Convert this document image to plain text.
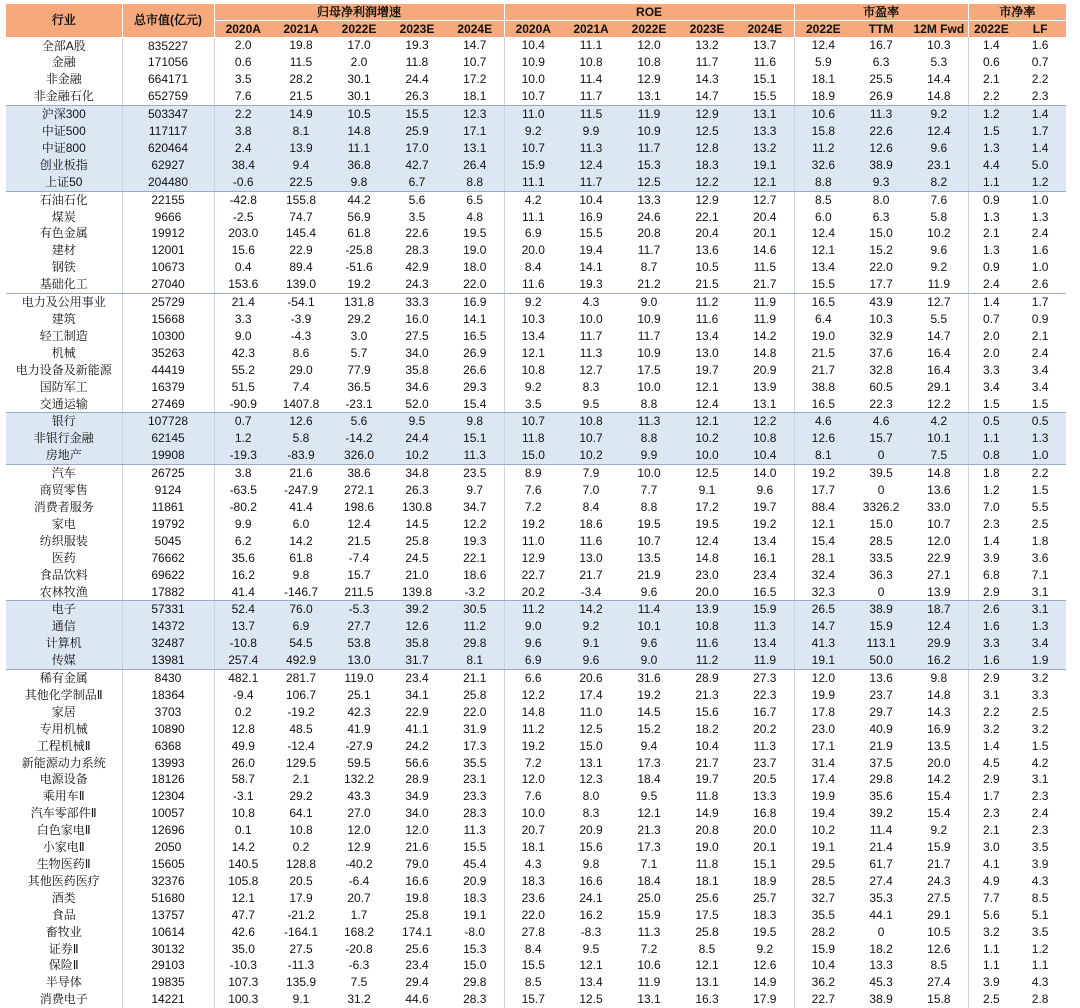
行业	总市值(亿元)	归母净利润增速					ROE					市盈率			市净率	
		2020A	2021A	2022E	2023E	2024E	2020A	2021A	2022E	2023E	2024E	2022E	TTM	12M Fwd	2022E	LF
全部A股	835227	2.0	19.8	17.0	19.3	14.7	10.4	11.1	12.0	13.2	13.7	12.4	16.7	10.3	1.4	1.6
金融	171056	0.6	11.5	2.0	11.8	10.7	10.9	10.8	10.8	11.7	11.6	5.9	6.3	5.3	0.6	0.7
非金融	664171	3.5	28.2	30.1	24.4	17.2	10.0	11.4	12.9	14.3	15.1	18.1	25.5	14.4	2.1	2.2
非金融石化	652759	7.6	21.5	30.1	26.3	18.1	10.7	11.7	13.1	14.7	15.5	18.9	26.9	14.8	2.2	2.3
沪深300	503347	2.2	14.9	10.5	15.5	12.3	11.0	11.5	11.9	12.9	13.1	10.6	11.3	9.2	1.2	1.4
中证500	117117	3.8	8.1	14.8	25.9	17.1	9.2	9.9	10.9	12.5	13.3	15.8	22.6	12.4	1.5	1.7
中证800	620464	2.4	13.9	11.1	17.0	13.1	10.7	11.3	11.7	12.8	13.2	11.2	12.6	9.6	1.3	1.4
创业板指	62927	38.4	9.4	36.8	42.7	26.4	15.9	12.4	15.3	18.3	19.1	32.6	38.9	23.1	4.4	5.0
上证50	204480	-0.6	22.5	9.8	6.7	8.8	11.1	11.7	12.5	12.2	12.1	8.8	9.3	8.2	1.1	1.2
石油石化	22155	-42.8	155.8	44.2	5.6	6.5	4.2	10.4	13.3	12.9	12.7	8.5	8.0	7.6	0.9	1.0
煤炭	9666	-2.5	74.7	56.9	3.5	4.8	11.1	16.9	24.6	22.1	20.4	6.0	6.3	5.8	1.3	1.3
有色金属	19912	203.0	145.4	61.8	22.6	19.5	6.9	15.5	20.8	20.4	20.1	12.4	15.0	10.2	2.1	2.4
建材	12001	15.6	22.9	-25.8	28.3	19.0	20.0	19.4	11.7	13.6	14.6	12.1	15.2	9.6	1.3	1.6
钢铁	10673	0.4	89.4	-51.6	42.9	18.0	8.4	14.1	8.7	10.5	11.5	13.4	22.0	9.2	0.9	1.0
基础化工	27040	153.6	139.0	19.2	24.3	22.0	11.6	19.3	21.2	21.5	21.7	15.5	17.7	11.9	2.4	2.6
电力及公用事业	25729	21.4	-54.1	131.8	33.3	16.9	9.2	4.3	9.0	11.2	11.9	16.5	43.9	12.7	1.4	1.7
建筑	15668	3.3	-3.9	29.2	16.0	14.1	10.3	10.0	10.9	11.6	11.9	6.4	10.3	5.5	0.7	0.9
轻工制造	10300	9.0	-4.3	3.0	27.5	16.5	13.4	11.7	11.7	13.4	14.2	19.0	32.9	14.7	2.0	2.1
机械	35263	42.3	8.6	5.7	34.0	26.9	12.1	11.3	10.9	13.0	14.8	21.5	37.6	16.4	2.0	2.4
电力设备及新能源	44419	55.2	29.0	77.9	35.8	26.6	10.8	12.7	17.5	19.7	20.9	21.7	32.8	16.4	3.3	3.4
国防军工	16379	51.5	7.4	36.5	34.6	29.3	9.2	8.3	10.0	12.1	13.9	38.8	60.5	29.1	3.4	3.4
交通运输	27469	-90.9	1407.8	-23.1	52.0	15.4	3.5	9.5	8.8	12.4	13.1	16.5	22.3	12.2	1.5	1.5
银行	107728	0.7	12.6	5.6	9.5	9.8	10.7	10.8	11.3	12.1	12.2	4.6	4.6	4.2	0.5	0.5
非银行金融	62145	1.2	5.8	-14.2	24.4	15.1	11.8	10.7	8.8	10.2	10.8	12.6	15.7	10.1	1.1	1.3
房地产	19908	-19.3	-83.9	326.0	10.2	11.3	15.0	10.2	9.9	10.0	10.4	8.1	0	7.5	0.8	1.0
汽车	26725	3.8	21.6	38.6	34.8	23.5	8.9	7.9	10.0	12.5	14.0	19.2	39.5	14.8	1.8	2.2
商贸零售	9124	-63.5	-247.9	272.1	26.3	9.7	7.6	7.0	7.7	9.1	9.6	17.7	0	13.6	1.2	1.5
消费者服务	11861	-80.2	41.4	198.6	130.8	34.7	7.2	8.4	8.8	17.2	19.7	88.4	3326.2	33.0	7.0	5.5
家电	19792	9.9	6.0	12.4	14.5	12.2	19.2	18.6	19.5	19.5	19.2	12.1	15.0	10.7	2.3	2.5
纺织服装	5045	6.2	14.2	21.5	25.8	19.3	11.0	11.6	10.7	12.4	13.4	15.4	28.5	12.0	1.4	1.8
医药	76662	35.6	61.8	-7.4	24.5	22.1	12.9	13.0	13.5	14.8	16.1	28.1	33.5	22.9	3.9	3.6
食品饮料	69622	16.2	9.8	15.7	21.0	18.6	22.7	21.7	21.9	23.0	23.4	32.4	36.3	27.1	6.8	7.1
农林牧渔	17882	41.4	-146.7	211.5	139.8	-3.2	20.2	-3.4	9.6	20.0	16.5	32.3	0	13.9	2.9	3.1
电子	57331	52.4	76.0	-5.3	39.2	30.5	11.2	14.2	11.4	13.9	15.9	26.5	38.9	18.7	2.6	3.1
通信	14372	13.7	6.9	27.7	12.6	11.2	9.0	9.2	10.1	10.8	11.3	14.7	15.9	12.4	1.6	1.3
计算机	32487	-10.8	54.5	53.8	35.8	29.8	9.6	9.1	9.6	11.6	13.4	41.3	113.1	29.9	3.3	3.4
传媒	13981	257.4	492.9	13.0	31.7	8.1	6.9	9.6	9.0	11.2	11.9	19.1	50.0	16.2	1.6	1.9
稀有金属	8430	482.1	281.7	119.0	23.4	21.1	6.6	20.6	31.6	28.9	27.3	12.0	13.6	9.8	2.9	3.2
其他化学制品Ⅱ	18364	-9.4	106.7	25.1	34.1	25.8	12.2	17.4	19.2	21.3	22.3	19.9	23.7	14.8	3.1	3.3
家居	3703	0.2	-19.2	42.3	22.9	22.0	14.8	11.0	14.5	15.6	16.7	17.8	29.7	14.3	2.2	2.5
专用机械	10890	12.8	48.5	41.9	41.1	31.9	11.2	12.5	15.2	18.2	20.2	23.0	40.9	16.9	3.2	3.2
工程机械Ⅱ	6368	49.9	-12.4	-27.9	24.2	17.3	19.2	15.0	9.4	10.4	11.3	17.1	21.9	13.5	1.4	1.5
新能源动力系统	13993	26.0	129.5	59.5	56.6	35.5	7.2	13.1	17.3	21.7	23.7	31.4	37.5	20.0	4.5	4.2
电源设备	18126	58.7	2.1	132.2	28.9	23.1	12.0	12.3	18.4	19.7	20.5	17.4	29.8	14.2	2.9	3.1
乘用车Ⅱ	12304	-3.1	29.2	43.3	34.9	23.3	7.6	8.0	9.5	11.8	13.3	19.9	35.6	15.4	1.7	2.3
汽车零部件Ⅱ	10057	10.8	64.1	27.0	34.0	28.3	10.0	8.3	12.1	14.9	16.8	19.4	39.2	15.4	2.3	2.4
白色家电Ⅱ	12696	0.1	10.8	12.0	12.0	11.3	20.7	20.9	21.3	20.8	20.0	10.2	11.4	9.2	2.1	2.3
小家电Ⅱ	2050	14.2	0.2	12.9	21.6	15.5	18.1	15.6	17.3	19.0	20.1	19.1	21.4	15.9	3.0	3.5
生物医药Ⅱ	15605	140.5	128.8	-40.2	79.0	45.4	4.3	9.8	7.1	11.8	15.1	29.5	61.7	21.7	4.1	3.9
其他医药医疗	32376	105.8	20.5	-6.4	16.6	20.9	18.3	16.6	18.4	18.1	18.9	28.5	27.4	24.3	4.9	4.3
酒类	51680	12.1	17.9	20.7	19.8	18.3	23.6	24.1	25.0	25.6	25.7	32.7	35.3	27.5	7.7	8.5
食品	13757	47.7	-21.2	1.7	25.8	19.1	22.0	16.2	15.9	17.5	18.3	35.5	44.1	29.1	5.6	5.1
畜牧业	10614	42.6	-164.1	168.2	174.1	-8.0	27.8	-8.3	11.3	25.8	19.5	28.2	0	10.5	3.2	3.5
证券Ⅱ	30132	35.0	27.5	-20.8	25.6	15.3	8.4	9.5	7.2	8.5	9.2	15.9	18.2	12.6	1.1	1.2
保险Ⅱ	29103	-10.3	-11.3	-6.3	23.4	15.0	15.5	12.1	10.6	12.1	12.6	10.4	13.3	8.5	1.1	1.1
半导体	19835	107.3	135.9	7.5	29.4	29.8	8.5	13.4	11.9	13.1	14.9	36.2	45.3	27.4	3.9	4.3
消费电子	14221	100.3	9.1	31.2	44.6	28.3	15.7	12.5	13.1	16.3	17.9	22.7	38.9	15.8	2.5	2.8
